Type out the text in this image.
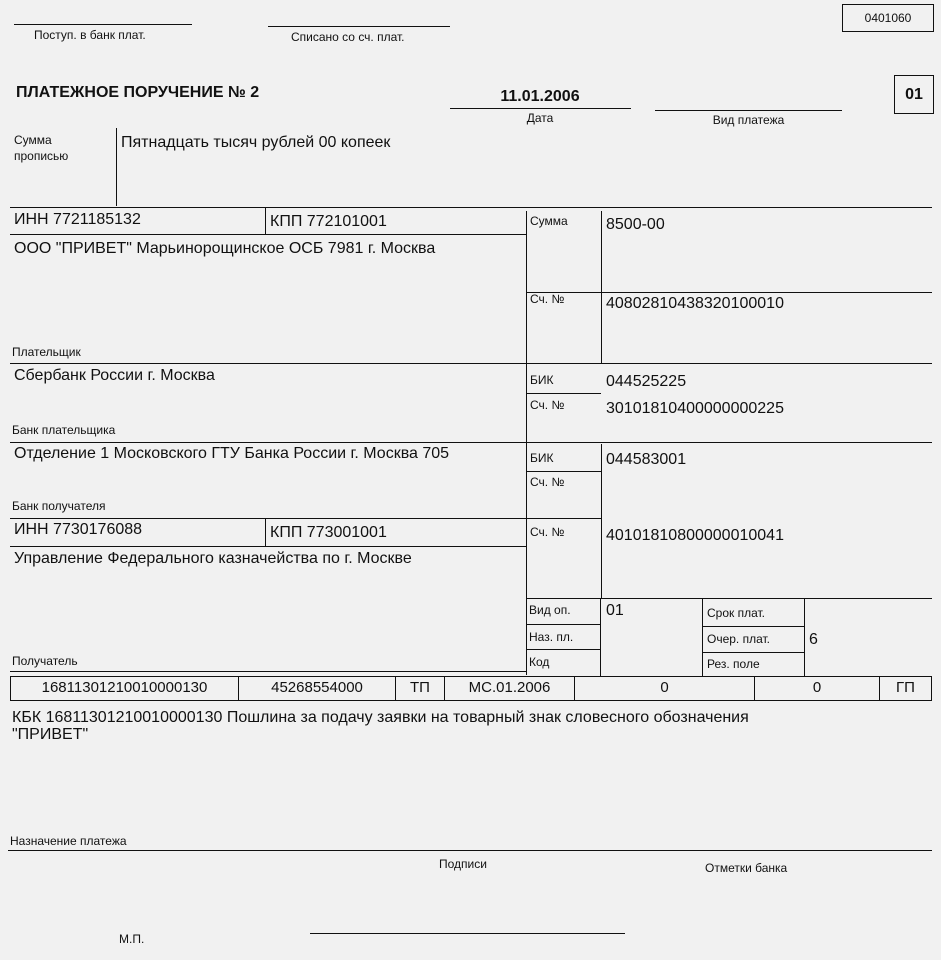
Поступ. в банк плат.	Списано со сч. плат.
0401060
ПЛАТЕЖНОЕ ПОРУЧЕНИЕ № 2	11.01.2006
Дата	Вид платежа
01
Сумма
прописью
Пятнадцать тысяч рублей 00 копеек
ИНН 7721185132	КПП 772101001
ООО "ПРИВЕТ" Марьинорощинское ОСБ 7981 г. Москва
Плательщик
Сумма 8500-00
Сч. №	40802810438320100010
Сбербанк России г. Москва
Банк плательщика
БИК	044525225
Сч. №	30101810400000000225
Отделение 1 Московского ГТУ Банка России г. Москва 705
Банк получателя
БИК	044583001
Сч. №
ИНН 7730176088	КПП 773001001
Управление Федерального казначейства по г. Москве
Получатель
Сч. №	40101810800000010041
Вид оп. 01
Наз. пл.
Код
Срок плат.
Очер. плат. 6
Рез. поле
16811301210010000130	45268554000	ТП	МС.01.2006	0	0	ГП
КБК 16811301210010000130 Пошлина за подачу заявки на товарный знак словесного обозначения
"ПРИВЕТ"
Назначение платежа
Подписи	Отметки банка
М.П.
